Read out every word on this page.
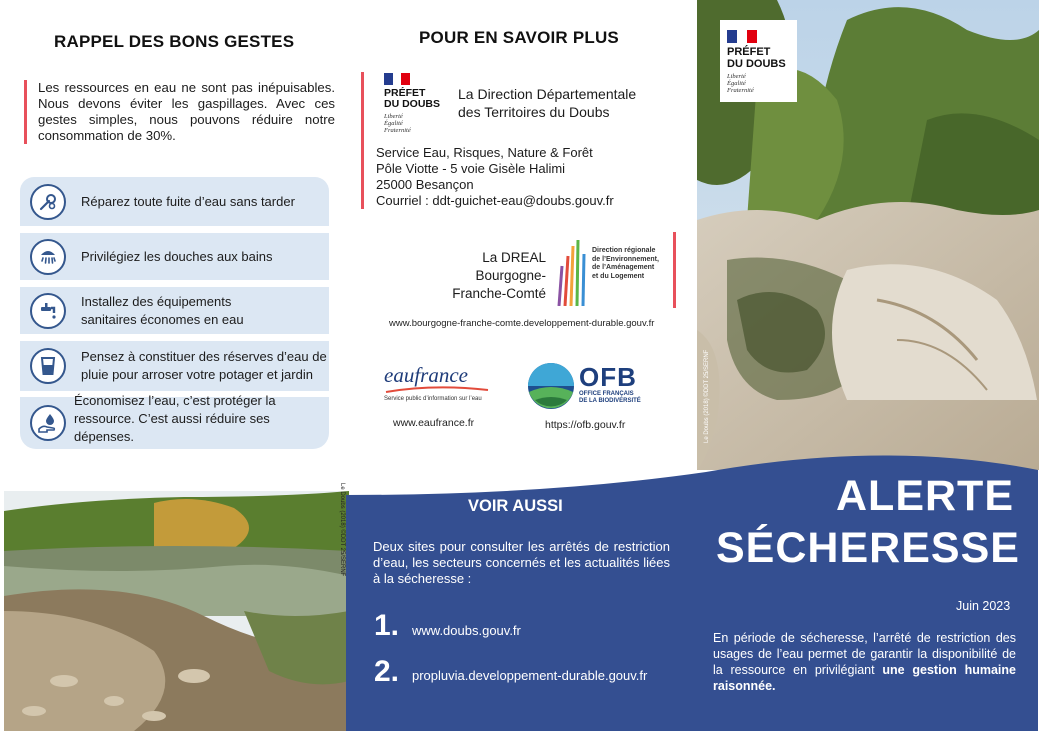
RAPPEL DES BONS GESTES
Les ressources en eau ne sont pas inépuisables. Nous devons éviter les gaspillages. Avec ces gestes simples, nous pouvons réduire notre consommation de 30%.
Réparez toute fuite d’eau sans tarder
Privilégiez les douches aux bains
Installez des équipements sanitaires économes en eau
Pensez à constituer des réserves d’eau de pluie pour arroser votre potager et jardin
Économisez l’eau, c’est protéger la ressource. C’est aussi réduire ses dépenses.
POUR EN SAVOIR PLUS
PRÉFET
DU DOUBS
Liberté
Égalité
Fraternité
La Direction Départementale
des Territoires du Doubs
Service Eau, Risques, Nature & Forêt
Pôle Viotte - 5 voie Gisèle Halimi
25000 Besançon
Courriel : ddt-guichet-eau@doubs.gouv.fr
La DREAL
Bourgogne-
Franche-Comté
Direction régionale
de l’Environnement,
de l’Aménagement
et du Logement
www.bourgogne-franche-comte.developpement-durable.gouv.fr
eaufrance
Service public d’information sur l’eau
www.eaufrance.fr
OFB
OFFICE FRANÇAIS
DE LA BIODIVERSITÉ
https://ofb.gouv.fr
PRÉFET
DU DOUBS
Liberté
Égalité
Fraternité
Le Doubs (2018) ©DDT 25/SERNF
Le Doubs (2018) ©DDT 25/SERNF	VOIR AUSSI
Deux sites pour consulter les arrêtés de restriction d’eau, les secteurs concernés et les actualités liées à la sécheresse :
1. www.doubs.gouv.fr
2. propluvia.developpement-durable.gouv.fr
ALERTE
SÉCHERESSE
Juin 2023
En période de sécheresse, l’arrêté de restriction des usages de l’eau permet de garantir la disponibilité de la ressource en privilégiant une gestion humaine raisonnée.
